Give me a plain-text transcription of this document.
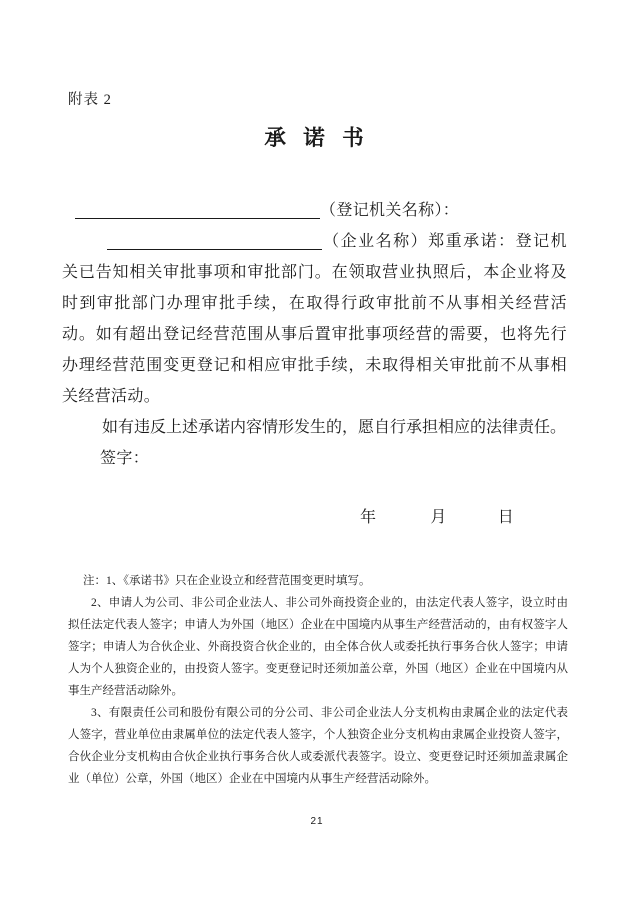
附表 2
承 诺 书

（登记机关名称）：

（企业名称）郑重承诺：登记机关已告知相关审批事项和审批部门。在领取营业执照后，本企业将及时到审批部门办理审批手续，在取得行政审批前不从事相关经营活动。如有超出登记经营范围从事后置审批事项经营的需要，也将先行办理经营范围变更登记和相应审批手续，未取得相关审批前不从事相关经营活动。

如有违反上述承诺内容情形发生的，愿自行承担相应的法律责任。

签字：

年	月	日

注：1、《承诺书》只在企业设立和经营范围变更时填写。

2、申请人为公司、非公司企业法人、非公司外商投资企业的，由法定代表人签字，设立时由拟任法定代表人签字；申请人为外国（地区）企业在中国境内从事生产经营活动的，由有权签字人签字；申请人为合伙企业、外商投资合伙企业的，由全体合伙人或委托执行事务合伙人签字；申请人为个人独资企业的，由投资人签字。变更登记时还须加盖公章，外国（地区）企业在中国境内从事生产经营活动除外。

3、有限责任公司和股份有限公司的分公司、非公司企业法人分支机构由隶属企业的法定代表人签字，营业单位由隶属单位的法定代表人签字，个人独资企业分支机构由隶属企业投资人签字，合伙企业分支机构由合伙企业执行事务合伙人或委派代表签字。设立、变更登记时还须加盖隶属企业（单位）公章，外国（地区）企业在中国境内从事生产经营活动除外。

21
